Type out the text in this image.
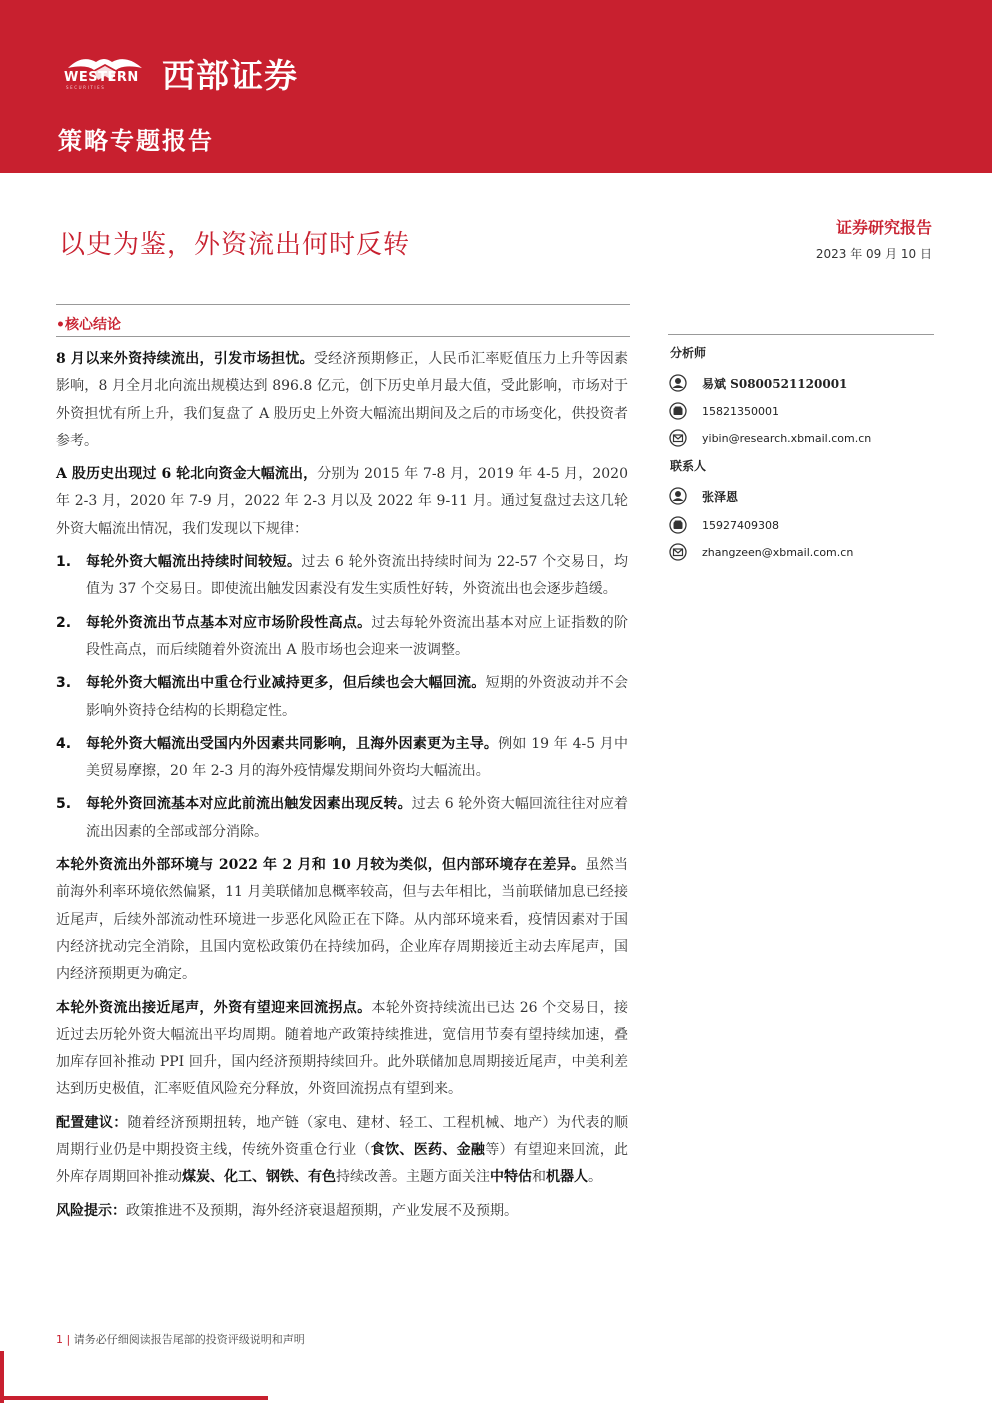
WESTERN
SECURITIES 西部证券
策略专题报告
以史为鉴，外资流出何时反转
证券研究报告
2023 年 09 月 10 日
•核心结论

8 月以来外资持续流出，引发市场担忧。受经济预期修正，人民币汇率贬值压力上升等因素影响，8 月全月北向流出规模达到 896.8 亿元，创下历史单月最大值，受此影响，市场对于外资担忧有所上升，我们复盘了 A 股历史上外资大幅流出期间及之后的市场变化，供投资者参考。

A 股历史出现过 6 轮北向资金大幅流出，分别为 2015 年 7-8 月，2019 年 4-5 月，2020 年 2-3 月，2020 年 7-9 月，2022 年 2-3 月以及 2022 年 9-11 月。通过复盘过去这几轮外资大幅流出情况，我们发现以下规律：

1. 每轮外资大幅流出持续时间较短。过去 6 轮外资流出持续时间为 22-57 个交易日，均值为 37 个交易日。即使流出触发因素没有发生实质性好转，外资流出也会逐步趋缓。
2. 每轮外资流出节点基本对应市场阶段性高点。过去每轮外资流出基本对应上证指数的阶段性高点，而后续随着外资流出 A 股市场也会迎来一波调整。
3. 每轮外资大幅流出中重仓行业减持更多，但后续也会大幅回流。短期的外资波动并不会影响外资持仓结构的长期稳定性。
4. 每轮外资大幅流出受国内外因素共同影响，且海外因素更为主导。例如 19 年 4-5 月中美贸易摩擦，20 年 2-3 月的海外疫情爆发期间外资均大幅流出。
5. 每轮外资回流基本对应此前流出触发因素出现反转。过去 6 轮外资大幅回流往往对应着流出因素的全部或部分消除。

本轮外资流出外部环境与 2022 年 2 月和 10 月较为类似，但内部环境存在差异。虽然当前海外利率环境依然偏紧，11 月美联储加息概率较高，但与去年相比，当前联储加息已经接近尾声，后续外部流动性环境进一步恶化风险正在下降。从内部环境来看，疫情因素对于国内经济扰动完全消除，且国内宽松政策仍在持续加码，企业库存周期接近主动去库尾声，国内经济预期更为确定。

本轮外资流出接近尾声，外资有望迎来回流拐点。本轮外资持续流出已达 26 个交易日，接近过去历轮外资大幅流出平均周期。随着地产政策持续推进，宽信用节奏有望持续加速，叠加库存回补推动 PPI 回升，国内经济预期持续回升。此外联储加息周期接近尾声，中美利差达到历史极值，汇率贬值风险充分释放，外资回流拐点有望到来。

配置建议：随着经济预期扭转，地产链（家电、建材、轻工、工程机械、地产）为代表的顺周期行业仍是中期投资主线，传统外资重仓行业（食饮、医药、金融等）有望迎来回流，此外库存周期回补推动煤炭、化工、钢铁、有色持续改善。主题方面关注中特估和机器人。

风险提示：政策推进不及预期，海外经济衰退超预期，产业发展不及预期。

分析师
易斌 S0800521120001
15821350001
yibin@research.xbmail.com.cn
联系人
张泽恩
15927409308
zhangzeen@xbmail.com.cn
1 | 请务必仔细阅读报告尾部的投资评级说明和声明
